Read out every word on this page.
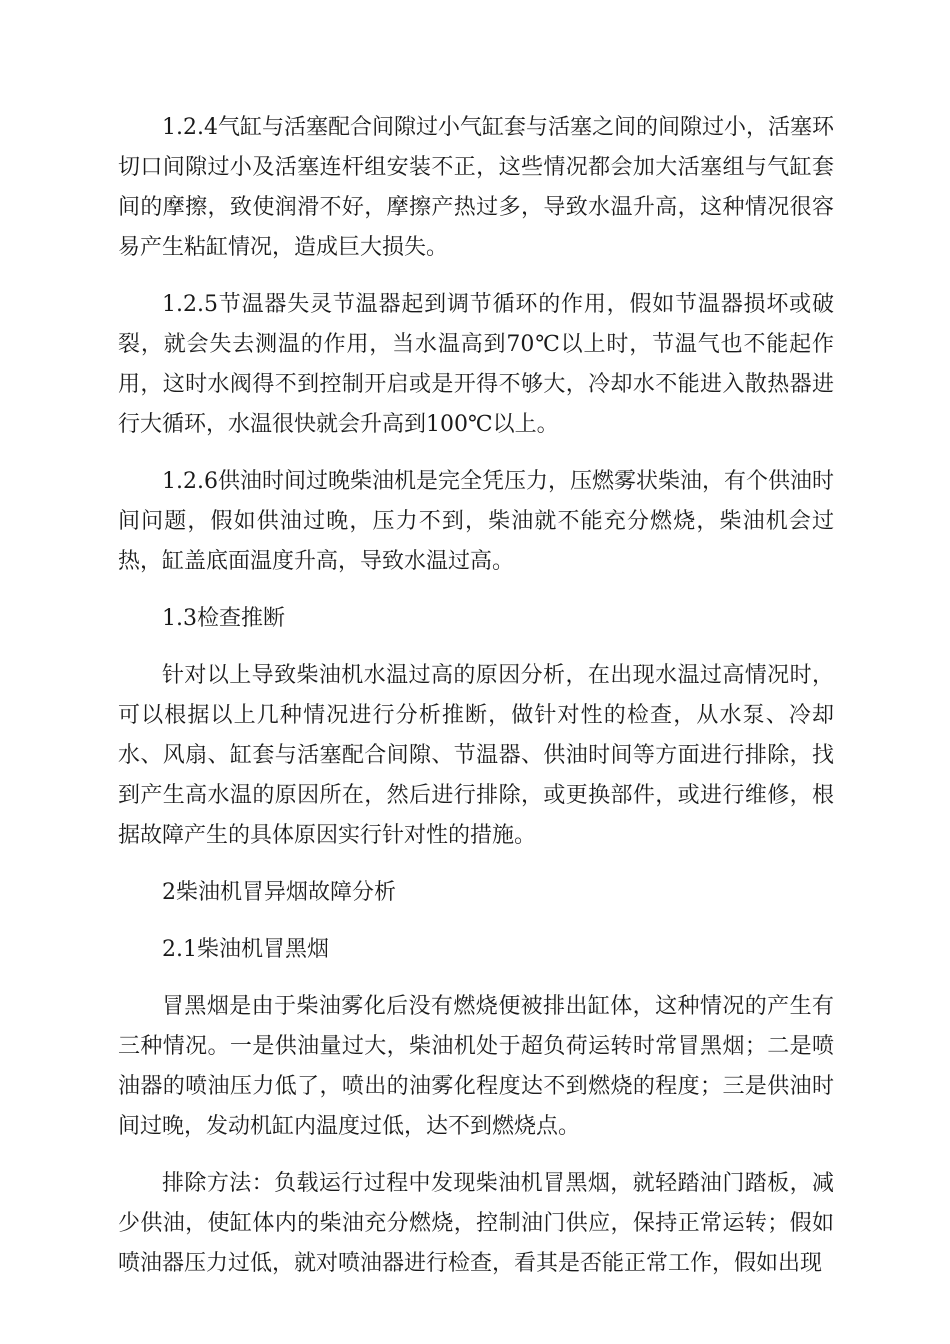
1.2.4气缸与活塞配合间隙过小气缸套与活塞之间的间隙过小，活塞环切口间隙过小及活塞连杆组安装不正，这些情况都会加大活塞组与气缸套间的摩擦，致使润滑不好，摩擦产热过多，导致水温升高，这种情况很容易产生粘缸情况，造成巨大损失。

1.2.5节温器失灵节温器起到调节循环的作用，假如节温器损坏或破裂，就会失去测温的作用，当水温高到70℃以上时，节温气也不能起作用，这时水阀得不到控制开启或是开得不够大，冷却水不能进入散热器进行大循环，水温很快就会升高到100℃以上。

1.2.6供油时间过晚柴油机是完全凭压力，压燃雾状柴油，有个供油时间问题，假如供油过晚，压力不到，柴油就不能充分燃烧，柴油机会过热，缸盖底面温度升高，导致水温过高。

1.3检查推断

针对以上导致柴油机水温过高的原因分析，在出现水温过高情况时，可以根据以上几种情况进行分析推断，做针对性的检查，从水泵、冷却水、风扇、缸套与活塞配合间隙、节温器、供油时间等方面进行排除，找到产生高水温的原因所在，然后进行排除，或更换部件，或进行维修，根据故障产生的具体原因实行针对性的措施。

2柴油机冒异烟故障分析

2.1柴油机冒黑烟

冒黑烟是由于柴油雾化后没有燃烧便被排出缸体，这种情况的产生有三种情况。一是供油量过大，柴油机处于超负荷运转时常冒黑烟；二是喷油器的喷油压力低了，喷出的油雾化程度达不到燃烧的程度；三是供油时间过晚，发动机缸内温度过低，达不到燃烧点。

排除方法：负载运行过程中发现柴油机冒黑烟，就轻踏油门踏板，减少供油，使缸体内的柴油充分燃烧，控制油门供应，保持正常运转；假如喷油器压力过低，就对喷油器进行检查，看其是否能正常工作，假如出现
